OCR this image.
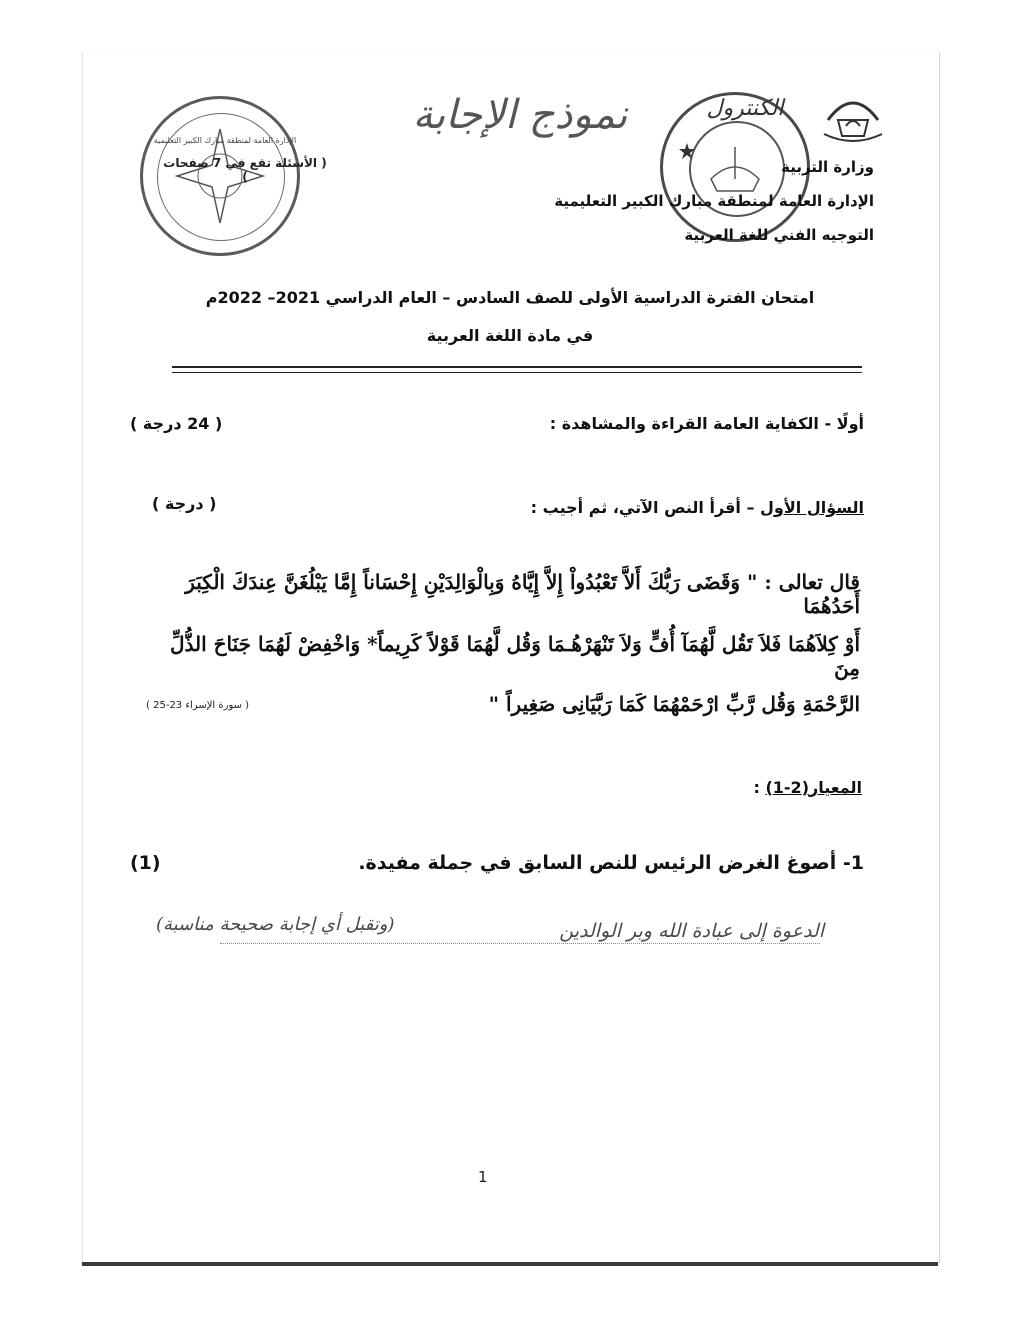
الإدارة العامة لمنطقة مبارك الكبير التعليمية
الكنترول
نموذج الإجابة
( الأسئلة تقع في 7 صفحات )
وزارة التربية
الإدارة العامة لمنطقة مبارك الكبير التعليمية
التوجيه الفني للغة العربية
امتحان الفترة الدراسية الأولى للصف السادس – العام الدراسي 2021– 2022م
في مادة اللغة العربية
أولًا - الكفاية العامة القراءة والمشاهدة :
( 24 درجة )
السؤال الأول – أقرأ النص الآتي، ثم أجيب :
( درجة )
قال تعالى : " وَقَضَى رَبُّكَ أَلاَّ تَعْبُدُواْ إِلاَّ إِيَّاهُ وَبِالْوَالِدَيْنِ إِحْسَاناً إِمَّا يَبْلُغَنَّ عِندَكَ الْكِبَرَ أَحَدُهُمَا
أَوْ كِلاَهُمَا فَلاَ تَقُل لَّهُمَآ أُفٍّ وَلاَ تَنْهَرْهُـمَا وَقُل لَّهُمَا قَوْلاً كَرِيماً* وَاخْفِضْ لَهُمَا جَنَاحَ الذُّلِّ مِنَ
الرَّحْمَةِ وَقُل رَّبِّ ارْحَمْهُمَا كَمَا رَبَّيَانِى صَغِيراً "
( سورة الإسراء 23-25 )
المعيار(2-1) :
1- أصوغ الغرض الرئيس للنص السابق في جملة مفيدة.
(1)
الدعوة إلى عبادة الله وبر الوالدين
(وتقبل أي إجابة صحيحة مناسبة)
1
